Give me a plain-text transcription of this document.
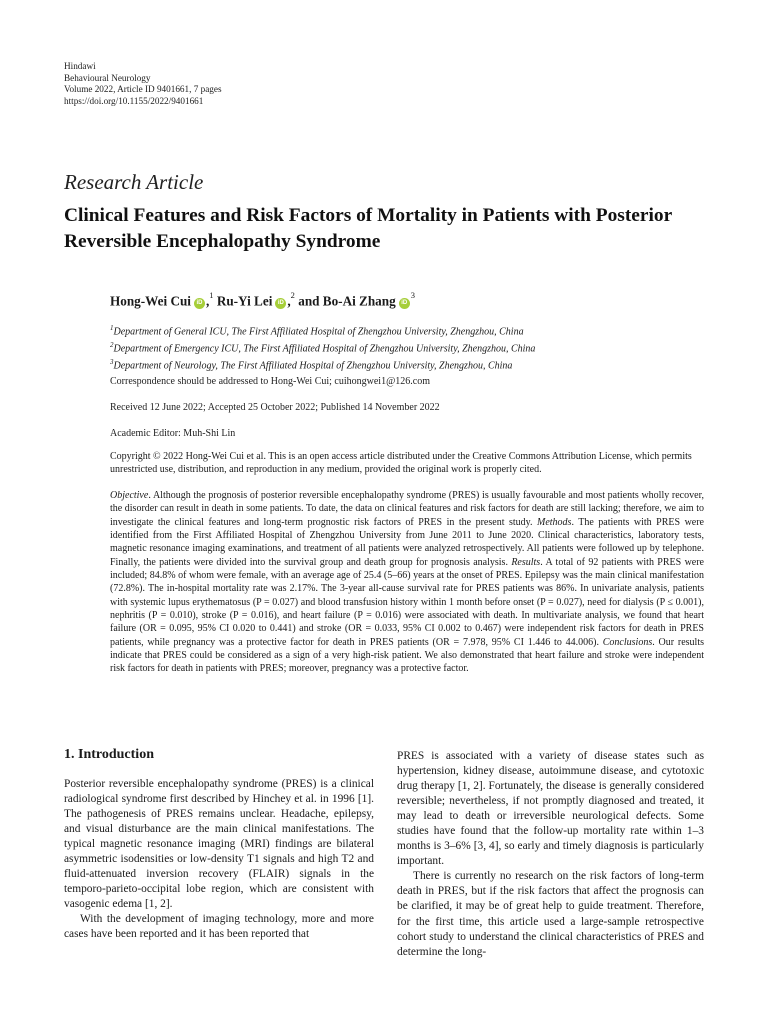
Hindawi
Behavioural Neurology
Volume 2022, Article ID 9401661, 7 pages
https://doi.org/10.1155/2022/9401661
Research Article
Clinical Features and Risk Factors of Mortality in Patients with Posterior Reversible Encephalopathy Syndrome
Hong-Wei Cui iD ,$^1$ Ru-Yi Lei iD ,$^2$ and Bo-Ai Zhang $iD^3$
$^1$Department of General ICU, The First Affiliated Hospital of Zhengzhou University, Zhengzhou, China
$^2$Department of Emergency ICU, The First Affiliated Hospital of Zhengzhou University, Zhengzhou, China
$^3$Department of Neurology, The First Affiliated Hospital of Zhengzhou University, Zhengzhou, China
Correspondence should be addressed to Hong-Wei Cui; cuihongwei1@126.com
Received 12 June 2022; Accepted 25 October 2022; Published 14 November 2022
Academic Editor: Muh-Shi Lin
Copyright © 2022 Hong-Wei Cui et al. This is an open access article distributed under the Creative Commons Attribution License, which permits unrestricted use, distribution, and reproduction in any medium, provided the original work is properly cited.
Objective. Although the prognosis of posterior reversible encephalopathy syndrome (PRES) is usually favourable and most patients wholly recover, the disorder can result in death in some patients. To date, the data on clinical features and risk factors for death are still lacking; therefore, we aim to investigate the clinical features and long-term prognostic risk factors of PRES in the present study. Methods. The patients with PRES were identified from the First Affiliated Hospital of Zhengzhou University from June 2011 to June 2020. Clinical characteristics, laboratory tests, magnetic resonance imaging examinations, and treatment of all patients were analyzed retrospectively. All patients were followed up by telephone. Finally, the patients were divided into the survival group and death group for prognosis analysis. Results. A total of 92 patients with PRES were included; 84.8% of whom were female, with an average age of 25.4 (5–66) years at the onset of PRES. Epilepsy was the main clinical manifestation (72.8%). The in-hospital mortality rate was 2.17%. The 3-year all-cause survival rate for PRES patients was 86%. In univariate analysis, patients with systemic lupus erythematosus (P = 0.027) and blood transfusion history within 1 month before onset (P = 0.027), need for dialysis (P ≤ 0.001), nephritis (P = 0.010), stroke (P = 0.016), and heart failure (P = 0.016) were associated with death. In multivariate analysis, we found that heart failure (OR = 0.095, 95% CI 0.020 to 0.441) and stroke (OR = 0.033, 95% CI 0.002 to 0.467) were independent risk factors for death in PRES patients, while pregnancy was a protective factor for death in PRES patients (OR = 7.978, 95% CI 1.446 to 44.006). Conclusions. Our results indicate that PRES could be considered as a sign of a very high-risk patient. We also demonstrated that heart failure and stroke were independent risk factors for death in patients with PRES; moreover, pregnancy was a protective factor.
1. Introduction

Posterior reversible encephalopathy syndrome (PRES) is a clinical radiological syndrome first described by Hinchey et al. in 1996 [1]. The pathogenesis of PRES remains unclear. Headache, epilepsy, and visual disturbance are the main clinical manifestations. The typical magnetic resonance imaging (MRI) findings are bilateral asymmetric isodensities or low-density T1 signals and high T2 and fluid-attenuated inversion recovery (FLAIR) signals in the temporo-parieto-occipital lobe region, which are consistent with vasogenic edema [1, 2].

With the development of imaging technology, more and more cases have been reported and it has been reported that

PRES is associated with a variety of disease states such as hypertension, kidney disease, autoimmune disease, and cytotoxic drug therapy [1, 2]. Fortunately, the disease is generally considered reversible; nevertheless, if not promptly diagnosed and treated, it may lead to death or irreversible neurological defects. Some studies have found that the follow-up mortality rate within 1–3 months is 3–6% [3, 4], so early and timely diagnosis is particularly important.

There is currently no research on the risk factors of long-term death in PRES, but if the risk factors that affect the prognosis can be clarified, it may be of great help to guide treatment. Therefore, for the first time, this article used a large-sample retrospective cohort study to understand the clinical characteristics of PRES and determine the long-
